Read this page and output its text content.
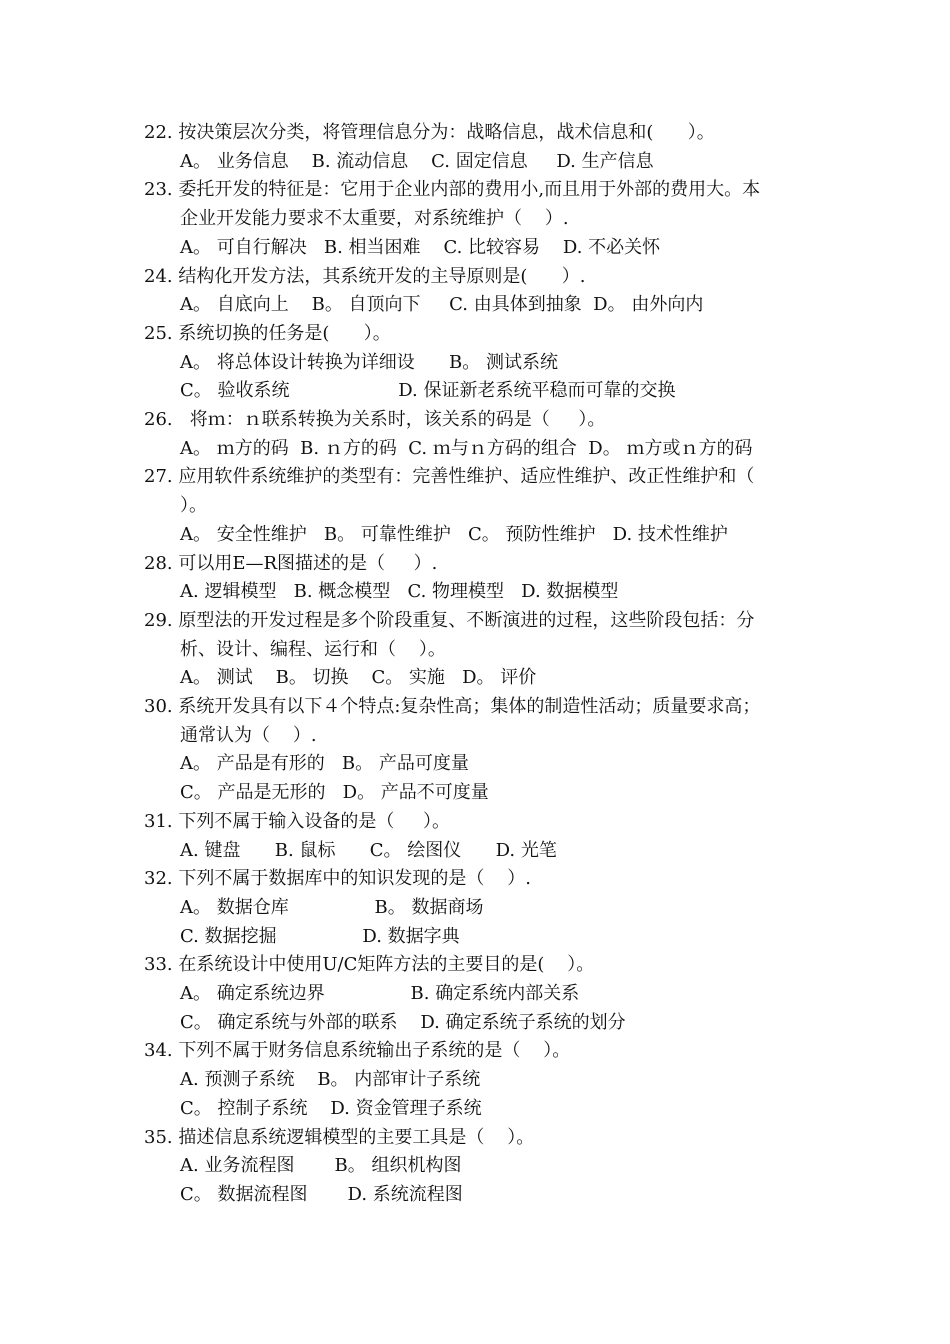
22. 按决策层次分类，将管理信息分为：战略信息，战术信息和(      ）。
A。 业务信息    B. 流动信息    C. 固定信息     D. 生产信息
23. 委托开发的特征是：它用于企业内部的费用小,而且用于外部的费用大。本
企业开发能力要求不太重要，对系统维护（    ）.
A。 可自行解决   B. 相当困难    C. 比较容易    D. 不必关怀
24. 结构化开发方法，其系统开发的主导原则是(      ）.
A。 自底向上    B。 自顶向下     C. 由具体到抽象  D。 由外向内
25. 系统切换的任务是(      ）。
A。 将总体设计转换为详细设      B。 测试系统
C。 验收系统                   D. 保证新老系统平稳而可靠的交换
26.   将ｍ：ｎ联系转换为关系时，该关系的码是（     ）。
A。 ｍ方的码  B. ｎ方的码  C. ｍ与ｎ方码的组合  D。 ｍ方或ｎ方的码
27. 应用软件系统维护的类型有：完善性维护、适应性维护、改正性维护和（
）。
A。 安全性维护   B。 可靠性维护   C。 预防性维护   D. 技术性维护
28. 可以用E—R图描述的是（     ）.
A. 逻辑模型   B. 概念模型   C. 物理模型   D. 数据模型
29. 原型法的开发过程是多个阶段重复、不断演进的过程，这些阶段包括：分
析、设计、编程、运行和（    ）。
A。 测试    B。 切换    C。 实施   D。 评价
30. 系统开发具有以下４个特点:复杂性高；集体的制造性活动；质量要求高；
通常认为（    ）.
A。 产品是有形的   B。 产品可度量
C。 产品是无形的   D。 产品不可度量
31. 下列不属于输入设备的是（     ）。
A. 键盘      B. 鼠标      C。 绘图仪      D. 光笔
32. 下列不属于数据库中的知识发现的是（    ）.
A。 数据仓库               B。 数据商场
C. 数据挖掘               D. 数据字典
33. 在系统设计中使用U/C矩阵方法的主要目的是(    ）。
A。 确定系统边界               B. 确定系统内部关系
C。 确定系统与外部的联系    D. 确定系统子系统的划分
34. 下列不属于财务信息系统输出子系统的是（    ）。
A. 预测子系统    B。 内部审计子系统
C。 控制子系统    D. 资金管理子系统
35. 描述信息系统逻辑模型的主要工具是（    ）。
A. 业务流程图       B。 组织机构图
C。 数据流程图       D. 系统流程图
